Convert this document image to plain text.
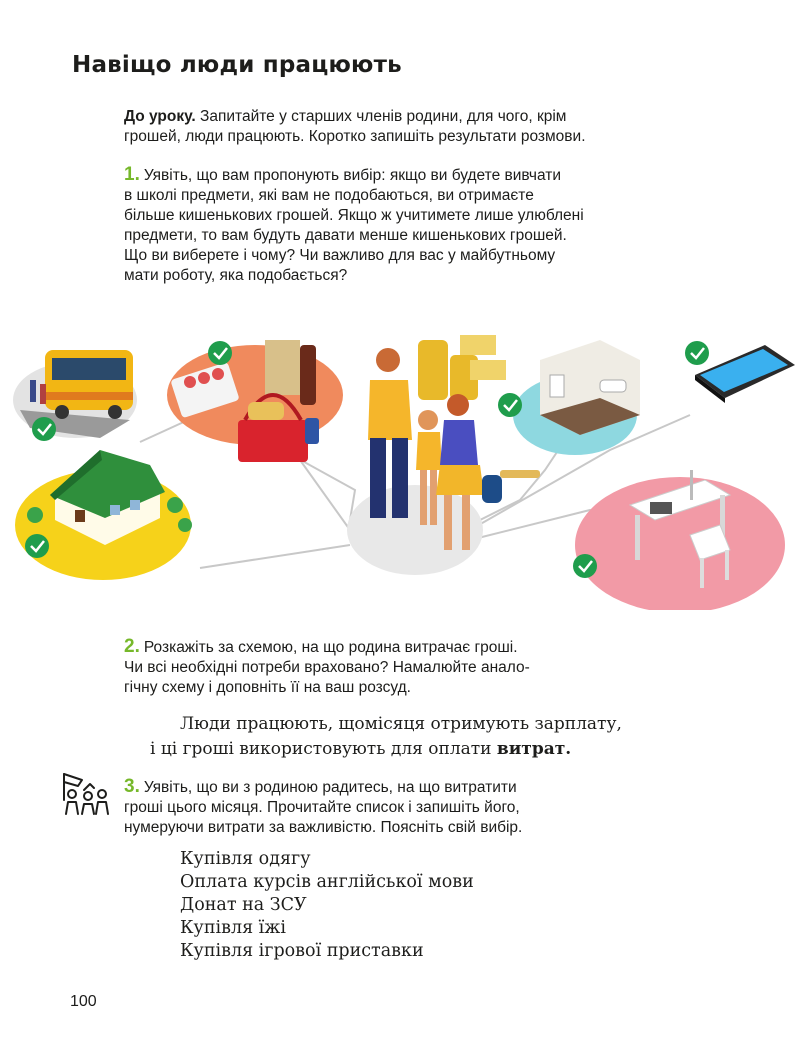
Навіщо люди працюють
До уроку. Запитайте у старших членів родини, для чого, крім
грошей, люди працюють. Коротко запишіть результати розмови.
1. Уявіть, що вам пропонують вибір: якщо ви будете вивчати
в школі предмети, які вам не подобаються, ви отримаєте
більше кишенькових грошей. Якщо ж учитимете лише улюблені
предмети, то вам будуть давати менше кишенькових грошей.
Що ви виберете і чому? Чи важливо для вас у майбутньому
мати роботу, яка подобається?
2. Розкажіть за схемою, на що родина витрачає гроші.
Чи всі необхідні потреби враховано? Намалюйте анало-
гічну схему і доповніть її на ваш розсуд.
Люди працюють, щомісяця отримують зарплату,
і ці гроші використовують для оплати витрат.
3. Уявіть, що ви з родиною радитесь, на що витратити
гроші цього місяця. Прочитайте список і запишіть його,
нумеруючи витрати за важливістю. Поясніть свій вибір.
Купівля одягу
Оплата курсів англійської мови
Донат на ЗСУ
Купівля їжі
Купівля ігрової приставки
100
